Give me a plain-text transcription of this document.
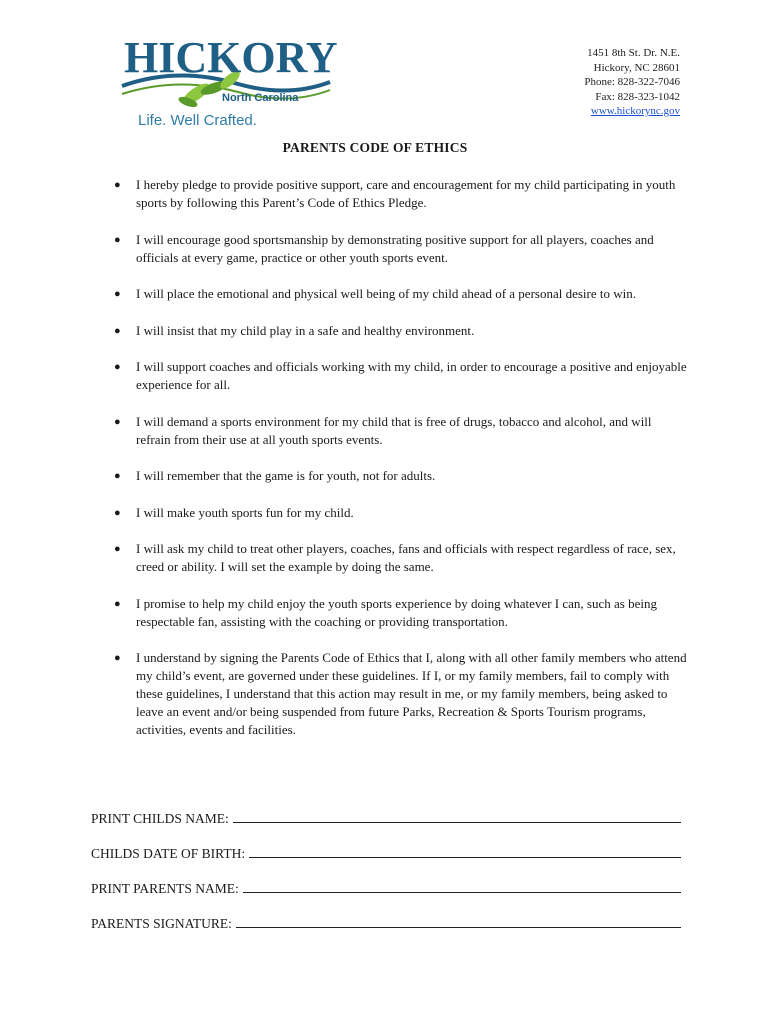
HICKORY
North Carolina
Life. Well Crafted.
1451 8th St. Dr. N.E.
Hickory, NC 28601
Phone: 828-322-7046
Fax: 828-323-1042
www.hickorync.gov
PARENTS CODE OF ETHICS
● I hereby pledge to provide positive support, care and encouragement for my child participating in youth sports by following this Parent’s Code of Ethics Pledge.
● I will encourage good sportsmanship by demonstrating positive support for all players, coaches and officials at every game, practice or other youth sports event.
● I will place the emotional and physical well being of my child ahead of a personal desire to win.
● I will insist that my child play in a safe and healthy environment.
● I will support coaches and officials working with my child, in order to encourage a positive and enjoyable experience for all.
● I will demand a sports environment for my child that is free of drugs, tobacco and alcohol, and will refrain from their use at all youth sports events.
● I will remember that the game is for youth, not for adults.
● I will make youth sports fun for my child.
● I will ask my child to treat other players, coaches, fans and officials with respect regardless of race, sex, creed or ability. I will set the example by doing the same.
● I promise to help my child enjoy the youth sports experience by doing whatever I can, such as being respectable fan, assisting with the coaching or providing transportation.
● I understand by signing the Parents Code of Ethics that I, along with all other family members who attend my child’s event, are governed under these guidelines. If I, or my family members, fail to comply with these guidelines, I understand that this action may result in me, or my family members, being asked to leave an event and/or being suspended from future Parks, Recreation & Sports Tourism programs, activities, events and facilities.
PRINT CHILDS NAME:
CHILDS DATE OF BIRTH:
PRINT PARENTS NAME:
PARENTS SIGNATURE:
